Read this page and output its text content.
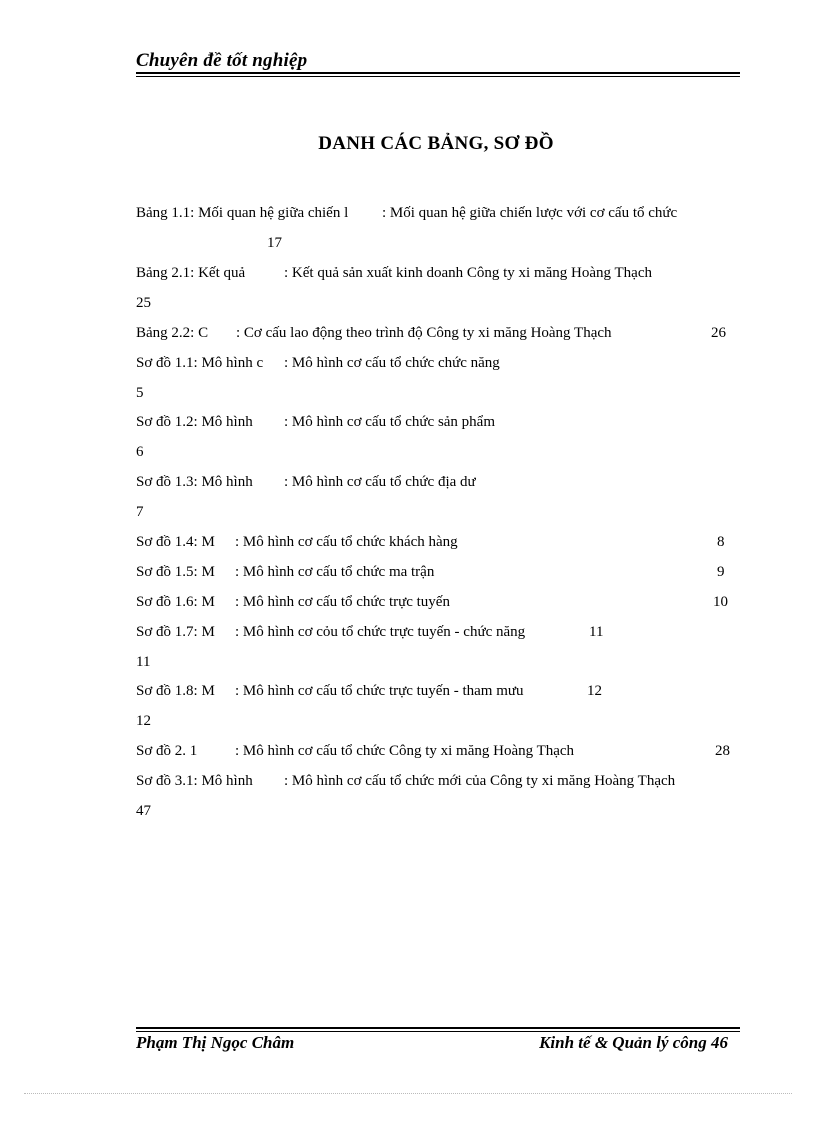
Chuyên đề tốt nghiệp
DANH CÁC BẢNG, SƠ ĐỒ
Bảng 1.1: Mối quan hệ giữa chiến l : Mối quan hệ giữa chiến lược với cơ cấu tổ chức
17
Bảng 2.1: Kết quả	: Kết quả sản xuất kinh doanh Công ty xi măng Hoàng Thạch
25
Bảng 2.2: C : Cơ cấu lao động theo trình độ Công ty xi măng Hoàng Thạch	26
Sơ đồ 1.1: Mô hình c : Mô hình cơ cấu tổ chức chức năng
5
Sơ đồ 1.2: Mô hình : Mô hình cơ cấu tổ chức sản phẩm
6
Sơ đồ 1.3: Mô hình : Mô hình cơ cấu tổ chức địa dư
7
Sơ đồ 1.4: M : Mô hình cơ cấu tổ chức khách hàng	8
Sơ đồ 1.5: M : Mô hình cơ cấu tổ chức ma trận	9
Sơ đồ 1.6: M : Mô hình cơ cấu tổ chức trực tuyến	10
Sơ đồ 1.7: M : Mô hình cơ cỏu tổ chức trực tuyến - chức năng	11
11
Sơ đồ 1.8: M : Mô hình cơ cấu tổ chức trực tuyến - tham mưu	12
12
Sơ đồ 2. 1	: Mô hình cơ cấu tổ chức Công ty xi măng Hoàng Thạch	28
Sơ đồ 3.1: Mô hình : Mô hình cơ cấu tổ chức mới của Công ty xi măng Hoàng Thạch
47
Phạm Thị Ngọc Châm	Kinh tế & Quản lý công 46
